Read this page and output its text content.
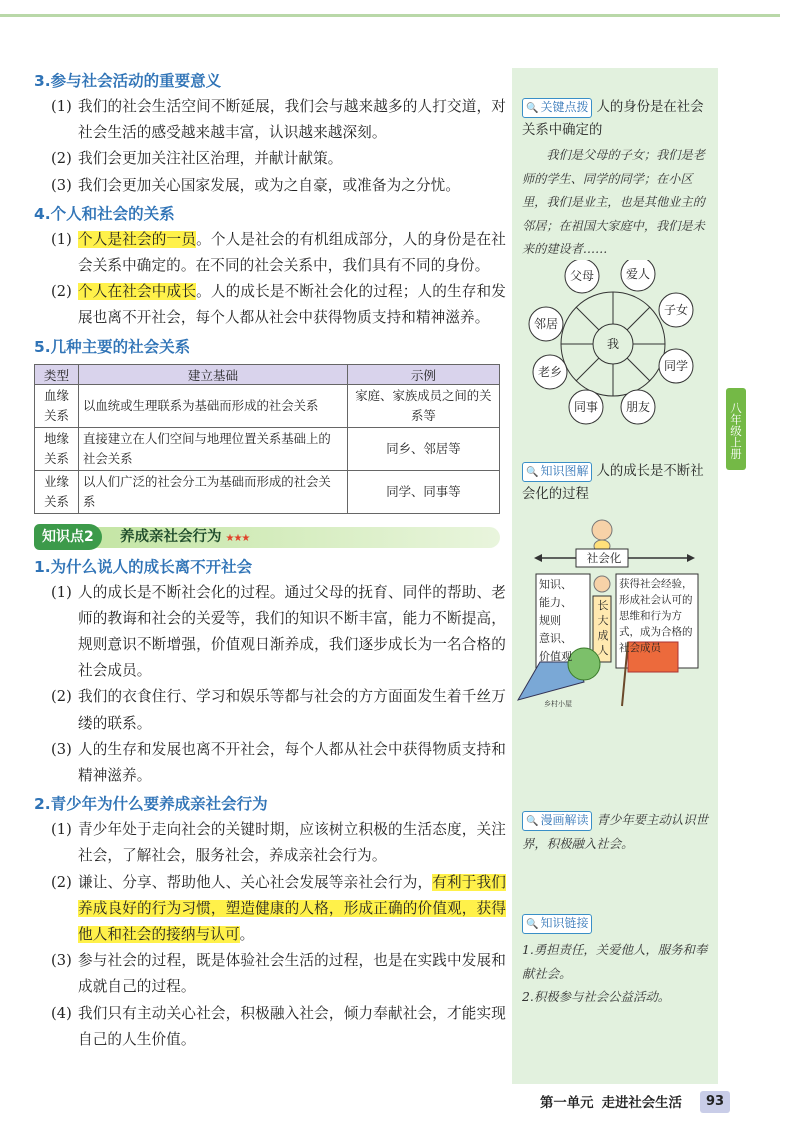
3.参与社会活动的重要意义
(1) 我们的社会生活空间不断延展，我们会与越来越多的人打交道，对社会生活的感受越来越丰富，认识越来越深刻。
(2) 我们会更加关注社区治理，并献计献策。
(3) 我们会更加关心国家发展，或为之自豪，或准备为之分忧。
4.个人和社会的关系
(1) 个人是社会的一员。个人是社会的有机组成部分，人的身份是在社会关系中确定的。在不同的社会关系中，我们具有不同的身份。
(2) 个人在社会中成长。人的成长是不断社会化的过程；人的生存和发展也离不开社会，每个人都从社会中获得物质支持和精神滋养。
5.几种主要的社会关系
类型	建立基础	示例
血缘关系	以血统或生理联系为基础而形成的社会关系	家庭、家族成员之间的关系等
地缘关系	直接建立在人们空间与地理位置关系基础上的社会关系	同乡、邻居等
业缘关系	以人们广泛的社会分工为基础而形成的社会关系	同学、同事等
知识点2	养成亲社会行为 ★★★
1.为什么说人的成长离不开社会
(1) 人的成长是不断社会化的过程。通过父母的抚育、同伴的帮助、老师的教诲和社会的关爱等，我们的知识不断丰富，能力不断提高，规则意识不断增强，价值观日渐养成，我们逐步成长为一名合格的社会成员。
(2) 我们的衣食住行、学习和娱乐等都与社会的方方面面发生着千丝万缕的联系。
(3) 人的生存和发展也离不开社会，每个人都从社会中获得物质支持和精神滋养。
2.青少年为什么要养成亲社会行为
(1) 青少年处于走向社会的关键时期，应该树立积极的生活态度，关注社会，了解社会，服务社会，养成亲社会行为。
(2) 谦让、分享、帮助他人、关心社会发展等亲社会行为，有利于我们养成良好的行为习惯，塑造健康的人格，形成正确的价值观，获得他人和社会的接纳与认可。
(3) 参与社会的过程，既是体验社会生活的过程，也是在实践中发展和成就自己的过程。
(4) 我们只有主动关心社会，积极融入社会，倾力奉献社会，才能实现自己的人生价值。
🔍 关键点拨 人的身份是在社会关系中确定的
我们是父母的子女；我们是老师的学生、同学的同学；在小区里，我们是业主，也是其他业主的邻居；在祖国大家庭中，我们是未来的建设者……
我
父母	爱人
子女
同学
朋友
同事
老乡
邻居
🔍 知识图解 人的成长是不断社会化的过程
社会化
知识、
能力、
规则
意识、
价值观
长大成人
获得社会经验，形成社会认可的思维和行为方式，成为合格的社会成员
乡村小屋
🔍 漫画解读 青少年要主动认识世界，积极融入社会。
🔍 知识链接
1.勇担责任，关爱他人，服务和奉献社会。
2.积极参与社会公益活动。
八年级上册
第一单元 走进社会生活	93
